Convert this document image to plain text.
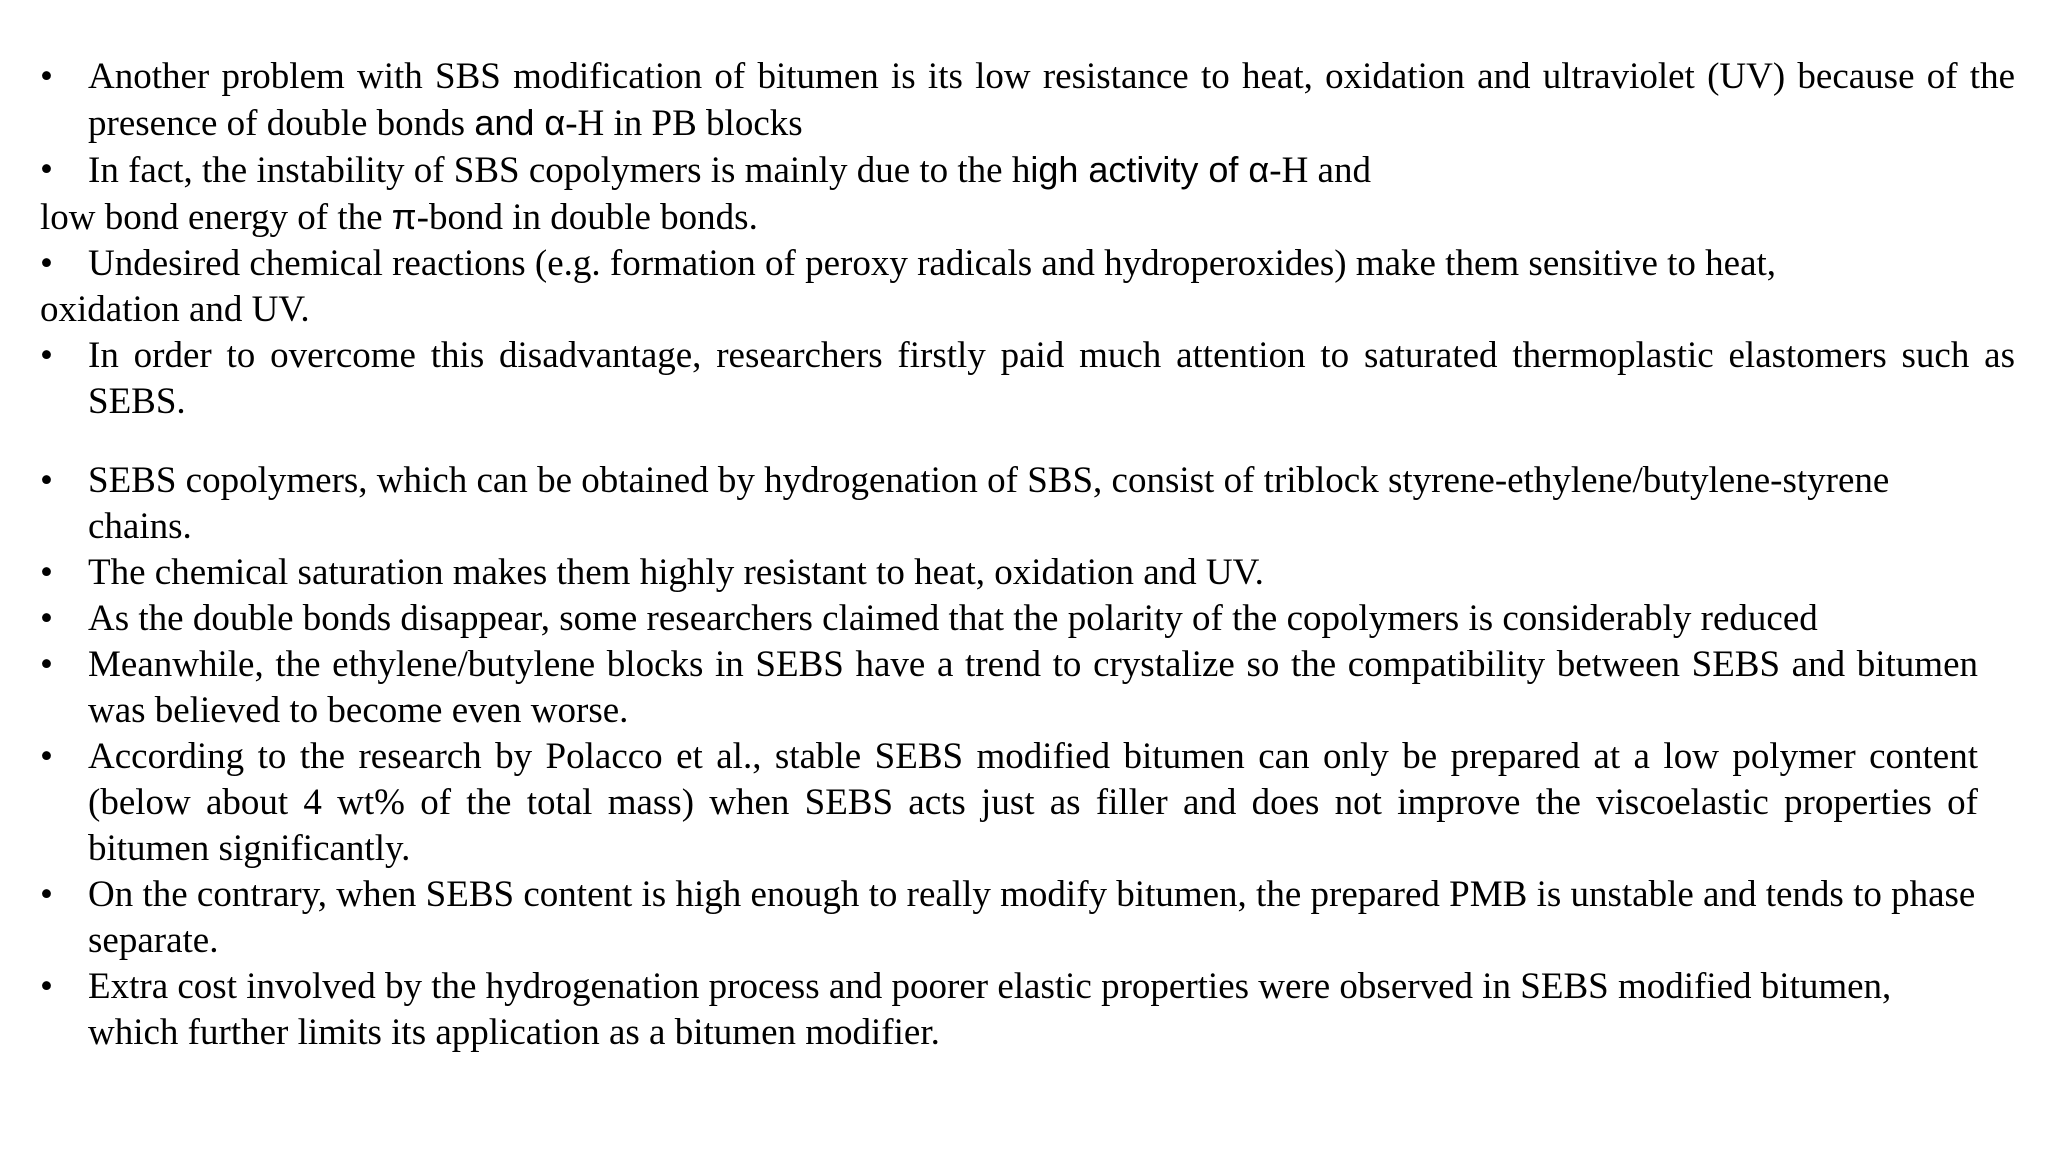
• Another problem with SBS modification of bitumen is its low resistance to heat, oxidation and ultraviolet (UV) because of the presence of double bonds and α-H in PB blocks
• In fact, the instability of SBS copolymers is mainly due to the high activity of α-H and
low bond energy of the π-bond in double bonds.
• Undesired chemical reactions (e.g. formation of peroxy radicals and hydroperoxides) make them sensitive to heat,
oxidation and UV.
• In order to overcome this disadvantage, researchers firstly paid much attention to saturated thermoplastic elastomers such as SEBS.
• SEBS copolymers, which can be obtained by hydrogenation of SBS, consist of triblock styrene-ethylene/butylene-styrene chains.
• The chemical saturation makes them highly resistant to heat, oxidation and UV.
• As the double bonds disappear, some researchers claimed that the polarity of the copolymers is considerably reduced
• Meanwhile, the ethylene/butylene blocks in SEBS have a trend to crystalize so the compatibility between SEBS and bitumen was believed to become even worse.
• According to the research by Polacco et al., stable SEBS modified bitumen can only be prepared at a low polymer content (below about 4 wt% of the total mass) when SEBS acts just as filler and does not improve the viscoelastic properties of bitumen significantly.
• On the contrary, when SEBS content is high enough to really modify bitumen, the prepared PMB is unstable and tends to phase separate.
• Extra cost involved by the hydrogenation process and poorer elastic properties were observed in SEBS modified bitumen, which further limits its application as a bitumen modifier.
